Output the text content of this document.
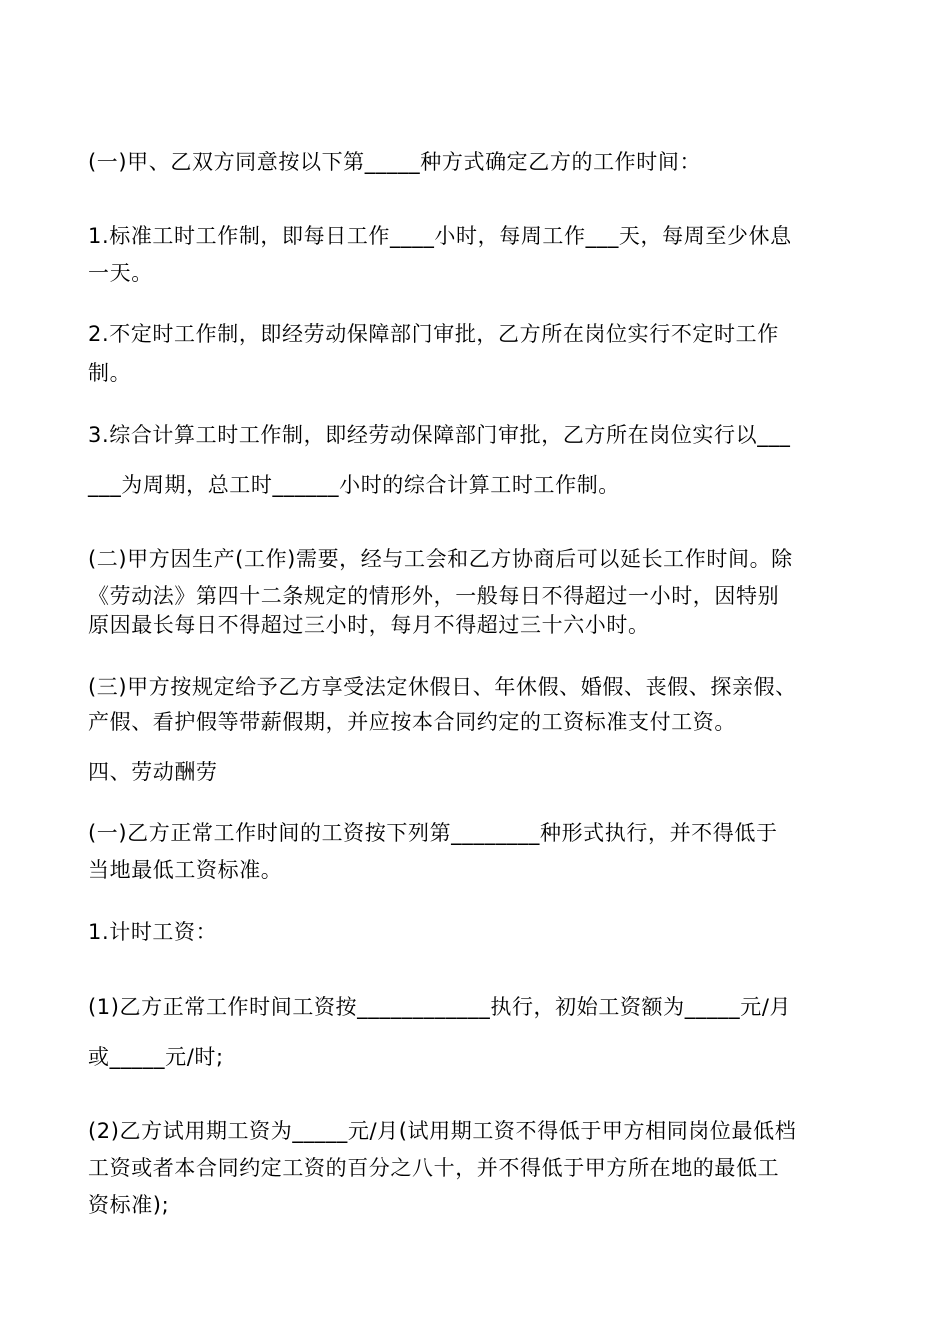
(一)甲、乙双方同意按以下第_____种方式确定乙方的工作时间：
1.标准工时工作制，即每日工作____小时，每周工作___天，每周至少休息
一天。
2.不定时工作制，即经劳动保障部门审批，乙方所在岗位实行不定时工作
制。
3.综合计算工时工作制，即经劳动保障部门审批，乙方所在岗位实行以___
___为周期，总工时______小时的综合计算工时工作制。
(二)甲方因生产(工作)需要，经与工会和乙方协商后可以延长工作时间。除
《劳动法》第四十二条规定的情形外，一般每日不得超过一小时，因特别
原因最长每日不得超过三小时，每月不得超过三十六小时。
(三)甲方按规定给予乙方享受法定休假日、年休假、婚假、丧假、探亲假、
产假、看护假等带薪假期，并应按本合同约定的工资标准支付工资。
四、劳动酬劳
(一)乙方正常工作时间的工资按下列第________种形式执行，并不得低于
当地最低工资标准。
1.计时工资：
(1)乙方正常工作时间工资按____________执行，初始工资额为_____元/月
或_____元/时;
(2)乙方试用期工资为_____元/月(试用期工资不得低于甲方相同岗位最低档
工资或者本合同约定工资的百分之八十，并不得低于甲方所在地的最低工
资标准);
